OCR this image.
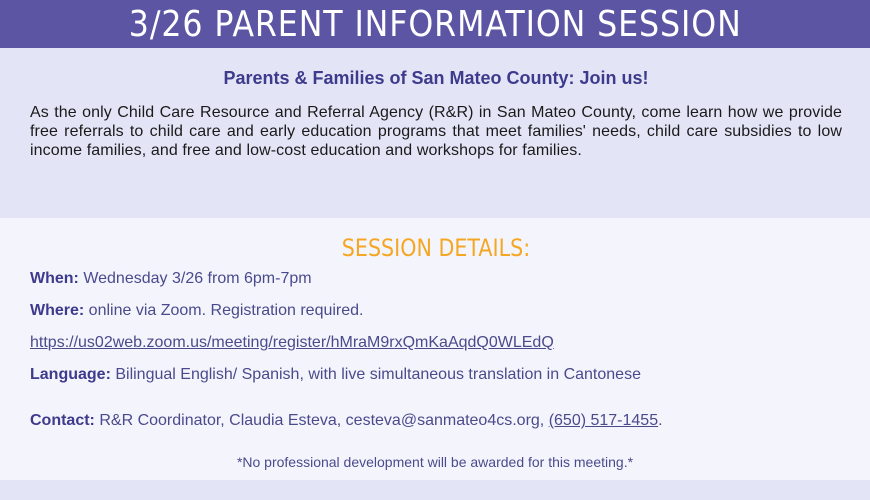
3/26 PARENT INFORMATION SESSION
Parents & Families of San Mateo County: Join us!
As the only Child Care Resource and Referral Agency (R&R) in San Mateo County, come learn how we provide free referrals to child care and early education programs that meet families' needs, child care subsidies to low income families, and free and low-cost education and workshops for families.
SESSION DETAILS:
When: Wednesday 3/26 from 6pm-7pm
Where: online via Zoom. Registration required.
https://us02web.zoom.us/meeting/register/hMraM9rxQmKaAqdQ0WLEdQ
Language: Bilingual English/ Spanish, with live simultaneous translation in Cantonese
Contact: R&R Coordinator, Claudia Esteva, cesteva@sanmateo4cs.org, (650) 517-1455.
*No professional development will be awarded for this meeting.*
